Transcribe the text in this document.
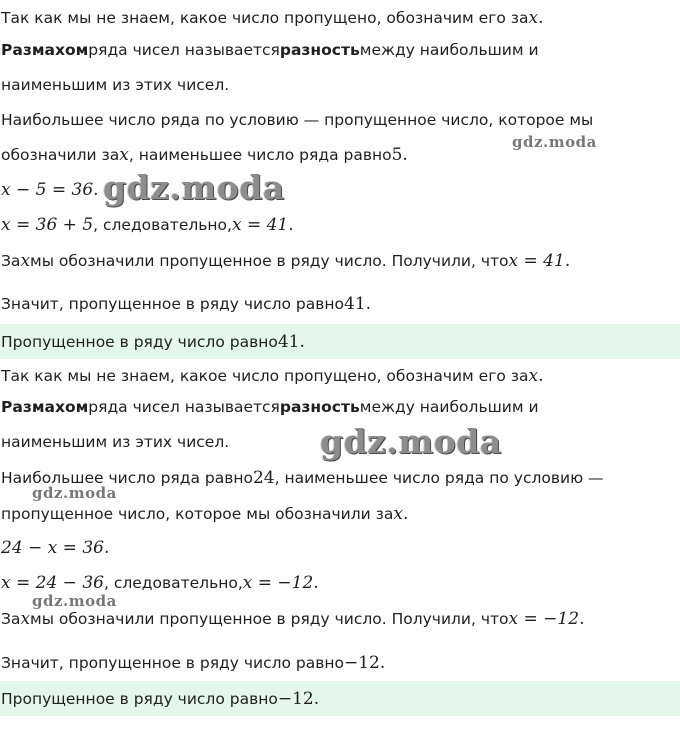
Так как мы не знаем, какое число пропущено, обозначим его за x .
Размахом ряда чисел называется разность между наибольшим и
наименьшим из этих чисел.
Наибольшее число ряда по условию — пропущенное число, которое мы
обозначили за x , наименьшее число ряда равно 5 .
x − 5 = 36 .
x = 36 + 5 , следовательно, x = 41 .
За x мы обозначили пропущенное в ряду число. Получили, что x = 41 .
Значит, пропущенное в ряду число равно 41 .
Пропущенное в ряду число равно 41 .
Так как мы не знаем, какое число пропущено, обозначим его за x .
Размахом ряда чисел называется разность между наибольшим и
наименьшим из этих чисел.
Наибольшее число ряда равно 24 , наименьшее число ряда по условию —
пропущенное число, которое мы обозначили за x .
24 − x = 36 .
x = 24 − 36 , следовательно, x = −12 .
За x мы обозначили пропущенное в ряду число. Получили, что x = −12 .
Значит, пропущенное в ряду число равно −12 .
Пропущенное в ряду число равно −12 .
gdz.moda
gdz.moda
gdz.moda
gdz.moda
gdz.moda
